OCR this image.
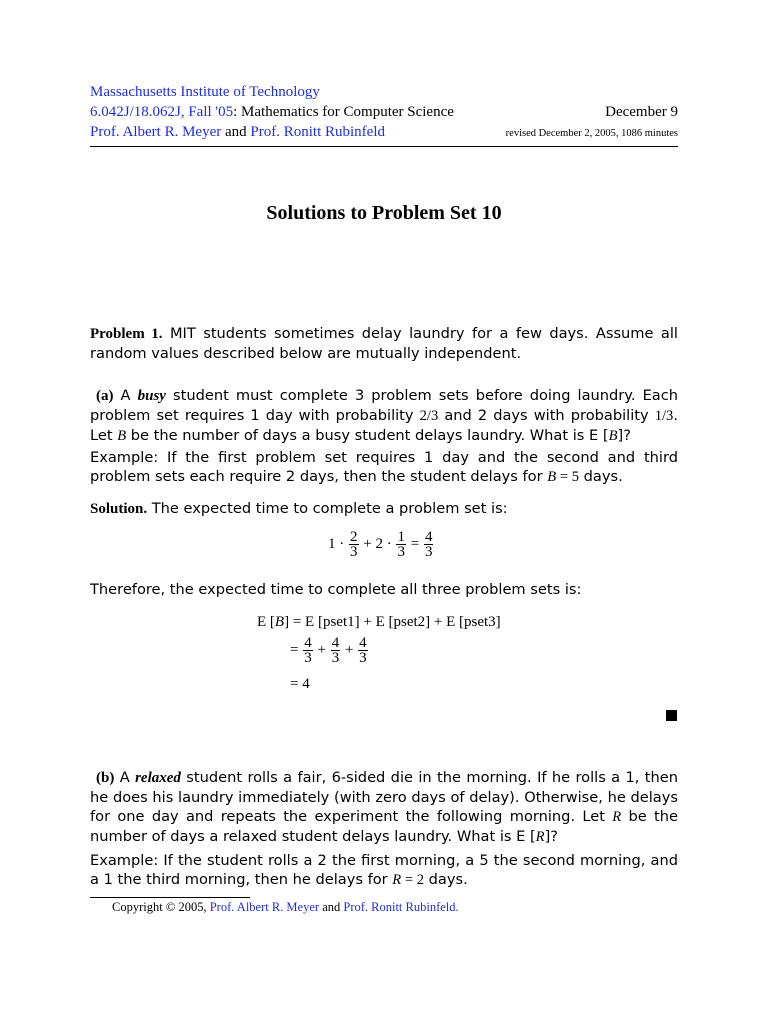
Massachusetts Institute of Technology
6.042J/18.062J, Fall '05: Mathematics for Computer Science	December 9
Prof. Albert R. Meyer and Prof. Ronitt Rubinfeld	revised December 2, 2005, 1086 minutes
Solutions to Problem Set 10
Problem 1. MIT students sometimes delay laundry for a few days. Assume all random values described below are mutually independent.
(a) A busy student must complete 3 problem sets before doing laundry. Each problem set requires 1 day with probability 2/3 and 2 days with probability 1/3. Let B be the number of days a busy student delays laundry. What is E [B]?
Example: If the first problem set requires 1 day and the second and third problem sets each require 2 days, then the student delays for B = 5 days.
Solution. The expected time to complete a problem set is:
$1 \cdot \frac{2}{3} + 2 \cdot \frac{1}{3} = \frac{4}{3}$
Therefore, the expected time to complete all three problem sets is:
E [B] = E [pset1] + E [pset2] + E [pset3]
= $\frac{4}{3} + \frac{4}{3} + \frac{4}{3}$
= 4
(b) A relaxed student rolls a fair, 6-sided die in the morning. If he rolls a 1, then he does his laundry immediately (with zero days of delay). Otherwise, he delays for one day and repeats the experiment the following morning. Let R be the number of days a relaxed student delays laundry. What is E [R]?
Example: If the student rolls a 2 the first morning, a 5 the second morning, and a 1 the third morning, then he delays for R = 2 days.
Copyright © 2005, Prof. Albert R. Meyer and Prof. Ronitt Rubinfeld.
